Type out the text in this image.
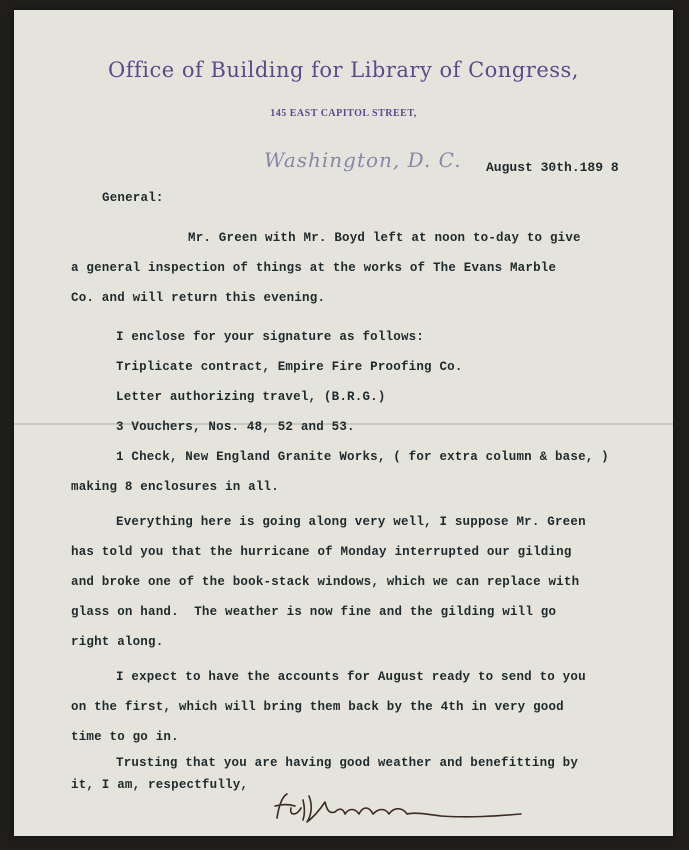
Office of Building for Library of Congress,
145 EAST CAPITOL STREET,
Washington, D. C. August 30th.189 8
General:
Mr. Green with Mr. Boyd left at noon to-day to give
a general inspection of things at the works of The Evans Marble
Co. and will return this evening.
I enclose for your signature as follows:
Triplicate contract, Empire Fire Proofing Co.
Letter authorizing travel, (B.R.G.)
3 Vouchers, Nos. 48, 52 and 53.
1 Check, New England Granite Works, ( for extra column & base, )
making 8 enclosures in all.
Everything here is going along very well, I suppose Mr. Green
has told you that the hurricane of Monday interrupted our gilding
and broke one of the book-stack windows, which we can replace with
glass on hand.  The weather is now fine and the gilding will go
right along.
I expect to have the accounts for August ready to send to you
on the first, which will bring them back by the 4th in very good
time to go in.
Trusting that you are having good weather and benefitting by
it, I am, respectfully,
